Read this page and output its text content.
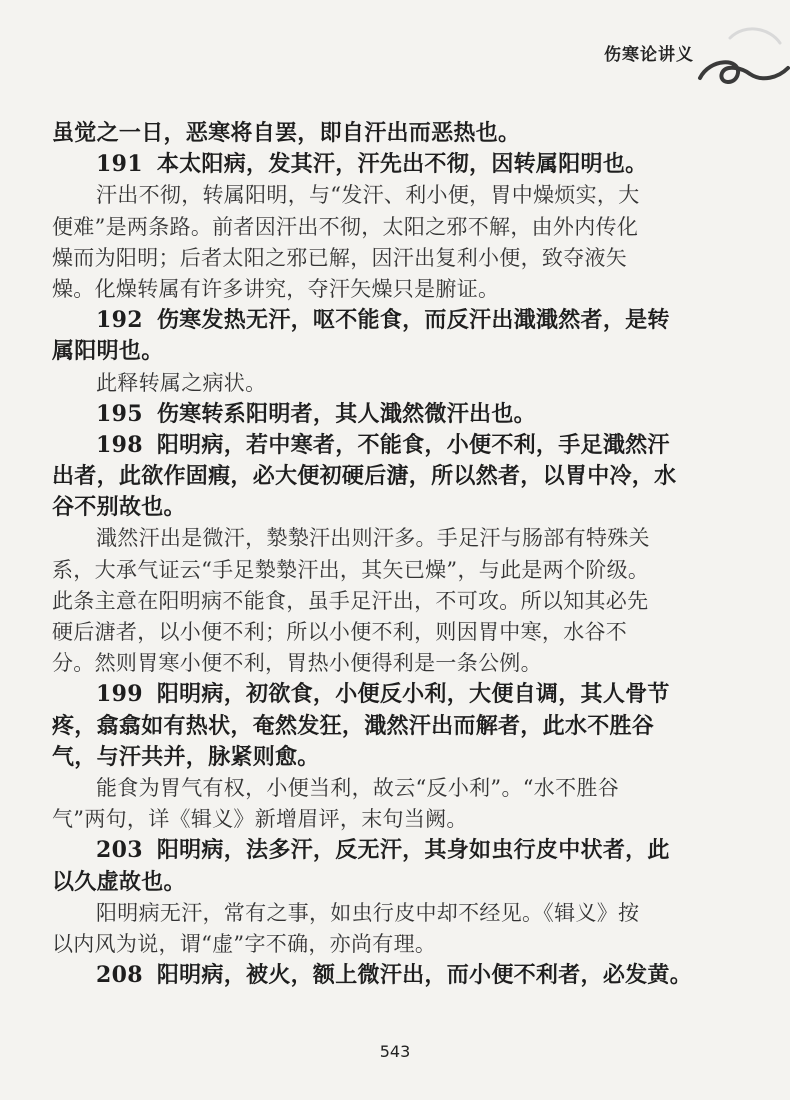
伤寒论讲义
虽觉之一日，恶寒将自罢，即自汗出而恶热也。
191 本太阳病，发其汗，汗先出不彻，因转属阳明也。
汗出不彻，转属阳明，与“发汗、利小便，胃中燥烦实，大
便难”是两条路。前者因汗出不彻，太阳之邪不解，由外内传化
燥而为阳明；后者太阳之邪已解，因汗出复利小便，致夺液矢
燥。化燥转属有许多讲究，夺汗矢燥只是腑证。
192 伤寒发热无汗，呕不能食，而反汗出濈濈然者，是转
属阳明也。
此释转属之病状。
195 伤寒转系阳明者，其人濈然微汗出也。
198 阳明病，若中寒者，不能食，小便不利，手足濈然汗
出者，此欲作固瘕，必大便初硬后溏，所以然者，以胃中冷，水
谷不别故也。
濈然汗出是微汗，漐漐汗出则汗多。手足汗与肠部有特殊关
系，大承气证云“手足漐漐汗出，其矢已燥”，与此是两个阶级。
此条主意在阳明病不能食，虽手足汗出，不可攻。所以知其必先
硬后溏者，以小便不利；所以小便不利，则因胃中寒，水谷不
分。然则胃寒小便不利，胃热小便得利是一条公例。
199 阳明病，初欲食，小便反小利，大便自调，其人骨节
疼，翕翕如有热状，奄然发狂，濈然汗出而解者，此水不胜谷
气，与汗共并，脉紧则愈。
能食为胃气有权，小便当利，故云“反小利”。“水不胜谷
气”两句，详《辑义》新增眉评，末句当阙。
203 阳明病，法多汗，反无汗，其身如虫行皮中状者，此
以久虚故也。
阳明病无汗，常有之事，如虫行皮中却不经见。《辑义》按
以内风为说，谓“虚”字不确，亦尚有理。
208 阳明病，被火，额上微汗出，而小便不利者，必发黄。
543
